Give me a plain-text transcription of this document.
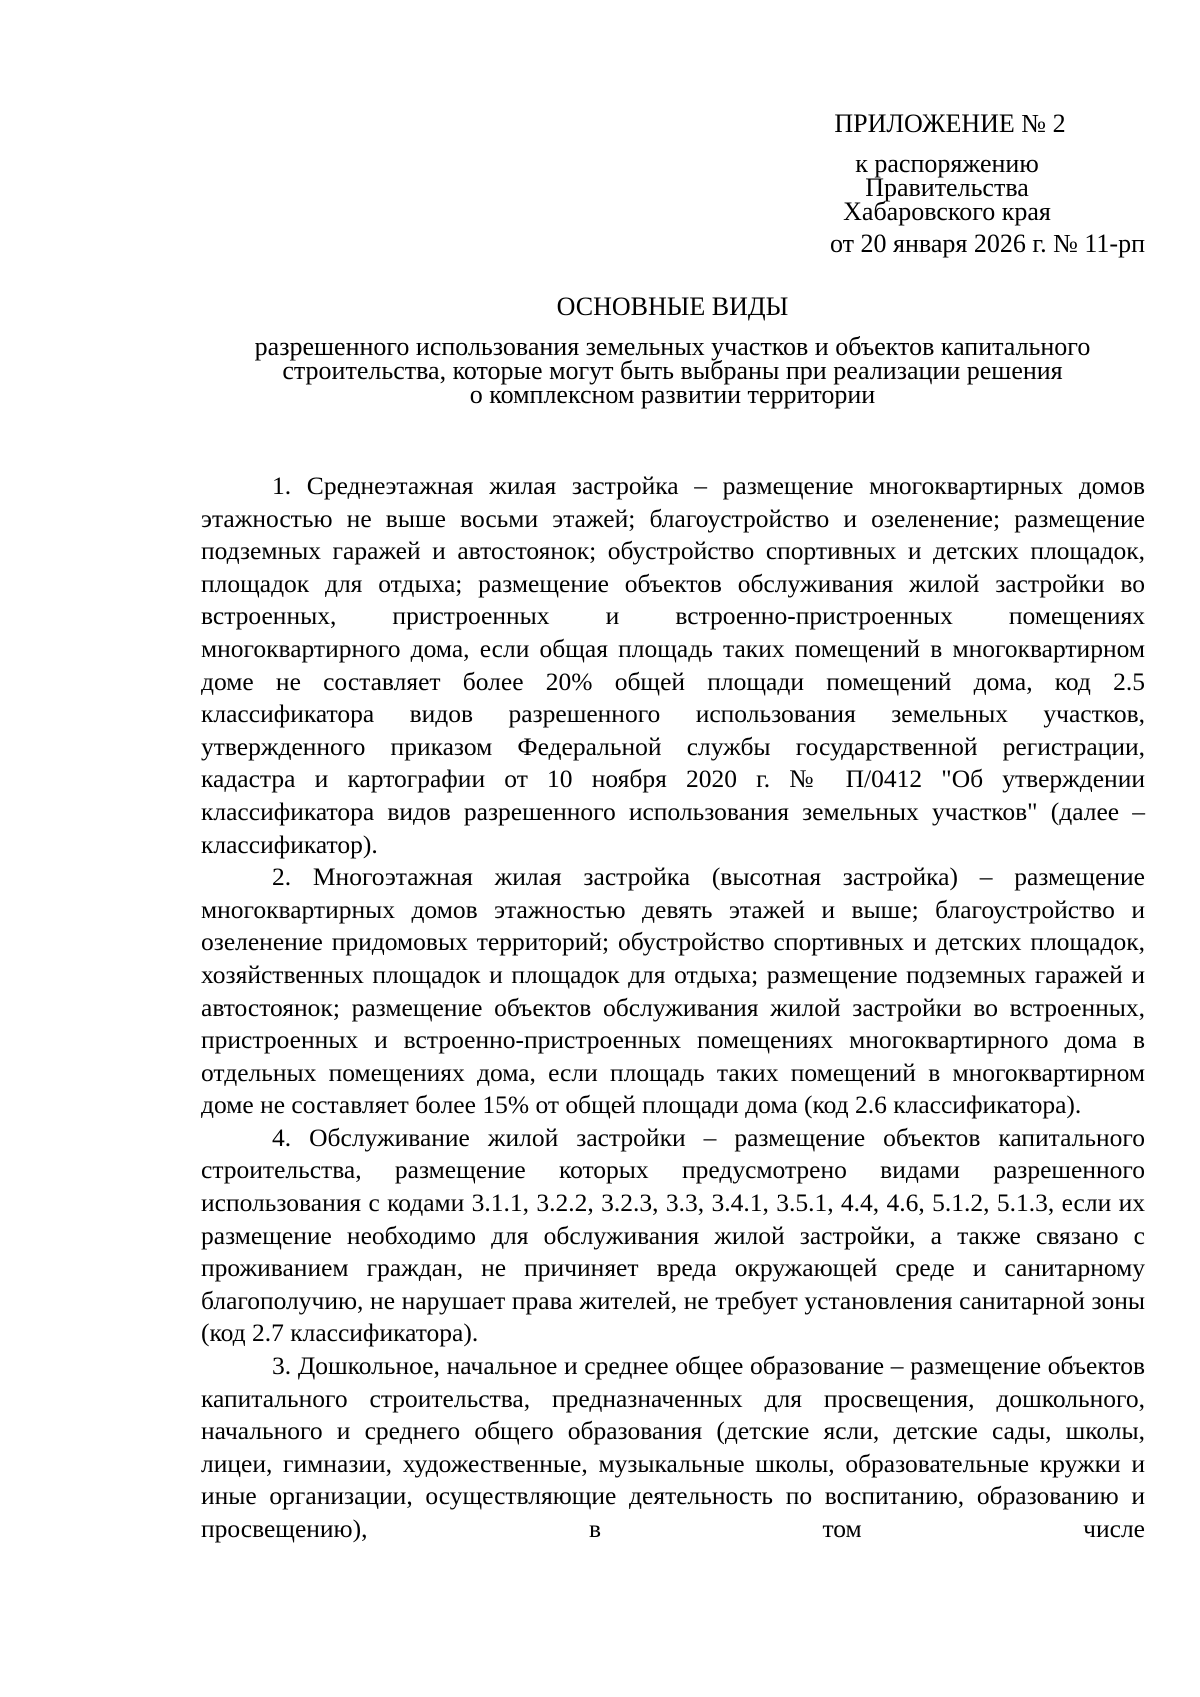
ПРИЛОЖЕНИЕ № 2
к распоряжению
Правительства
Хабаровского края
от 20 января 2026 г. № 11-рп
ОСНОВНЫЕ ВИДЫ
разрешенного использования земельных участков и объектов капитального
строительства, которые могут быть выбраны при реализации решения
о комплексном развитии территории

1. Среднеэтажная жилая застройка – размещение многоквартирных домов этажностью не выше восьми этажей; благоустройство и озеленение; размещение подземных гаражей и автостоянок; обустройство спортивных и детских площадок, площадок для отдыха; размещение объектов обслуживания жилой застройки во встроенных, пристроенных и встроенно-пристроенных помещениях многоквартирного дома, если общая площадь таких помещений в многоквартирном доме не составляет более 20% общей площади помещений дома, код 2.5 классификатора видов разрешенного использования земельных участков, утвержденного приказом Федеральной службы государственной регистрации, кадастра и картографии от 10 ноября 2020 г. № П/0412 "Об утверждении классификатора видов разрешенного использования земельных участков" (далее – классификатор).

2. Многоэтажная жилая застройка (высотная застройка) – размещение многоквартирных домов этажностью девять этажей и выше; благоустройство и озеленение придомовых территорий; обустройство спортивных и детских площадок, хозяйственных площадок и площадок для отдыха; размещение подземных гаражей и автостоянок; размещение объектов обслуживания жилой застройки во встроенных, пристроенных и встроенно-пристроенных помещениях многоквартирного дома в отдельных помещениях дома, если площадь таких помещений в многоквартирном доме не составляет более 15% от общей площади дома (код 2.6 классификатора).

4. Обслуживание жилой застройки – размещение объектов капитального строительства, размещение которых предусмотрено видами разрешенного использования с кодами 3.1.1, 3.2.2, 3.2.3, 3.3, 3.4.1, 3.5.1, 4.4, 4.6, 5.1.2, 5.1.3, если их размещение необходимо для обслуживания жилой застройки, а также связано с проживанием граждан, не причиняет вреда окружающей среде и санитарному благополучию, не нарушает права жителей, не требует установления санитарной зоны (код 2.7 классификатора).

3. Дошкольное, начальное и среднее общее образование – размещение объектов капитального строительства, предназначенных для просвещения, дошкольного, начального и среднего общего образования (детские ясли, детские сады, школы, лицеи, гимназии, художественные, музыкальные школы, образовательные кружки и иные организации, осуществляющие деятельность по воспитанию, образованию и просвещению), в том числе
